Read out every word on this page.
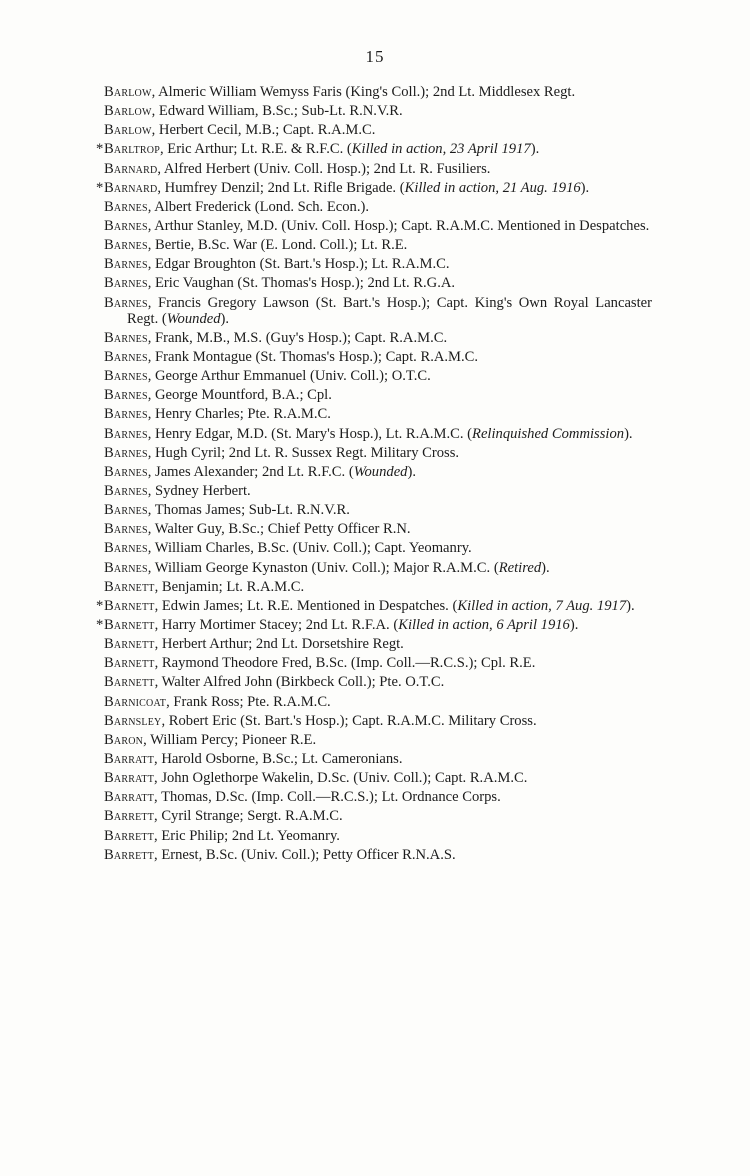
15
Barlow, Almeric William Wemyss Faris (King's Coll.); 2nd Lt. Middlesex Regt.
Barlow, Edward William, B.Sc.; Sub-Lt. R.N.V.R.
Barlow, Herbert Cecil, M.B.; Capt. R.A.M.C.
*Barltrop, Eric Arthur; Lt. R.E. & R.F.C. (Killed in action, 23 April 1917).
Barnard, Alfred Herbert (Univ. Coll. Hosp.); 2nd Lt. R. Fusiliers.
*Barnard, Humfrey Denzil; 2nd Lt. Rifle Brigade. (Killed in action, 21 Aug. 1916).
Barnes, Albert Frederick (Lond. Sch. Econ.).
Barnes, Arthur Stanley, M.D. (Univ. Coll. Hosp.); Capt. R.A.M.C. Mentioned in Despatches.
Barnes, Bertie, B.Sc. War (E. Lond. Coll.); Lt. R.E.
Barnes, Edgar Broughton (St. Bart.'s Hosp.); Lt. R.A.M.C.
Barnes, Eric Vaughan (St. Thomas's Hosp.); 2nd Lt. R.G.A.
Barnes, Francis Gregory Lawson (St. Bart.'s Hosp.); Capt. King's Own Royal Lancaster Regt. (Wounded).
Barnes, Frank, M.B., M.S. (Guy's Hosp.); Capt. R.A.M.C.
Barnes, Frank Montague (St. Thomas's Hosp.); Capt. R.A.M.C.
Barnes, George Arthur Emmanuel (Univ. Coll.); O.T.C.
Barnes, George Mountford, B.A.; Cpl.
Barnes, Henry Charles; Pte. R.A.M.C.
Barnes, Henry Edgar, M.D. (St. Mary's Hosp.), Lt. R.A.M.C. (Relinquished Commission).
Barnes, Hugh Cyril; 2nd Lt. R. Sussex Regt. Military Cross.
Barnes, James Alexander; 2nd Lt. R.F.C. (Wounded).
Barnes, Sydney Herbert.
Barnes, Thomas James; Sub-Lt. R.N.V.R.
Barnes, Walter Guy, B.Sc.; Chief Petty Officer R.N.
Barnes, William Charles, B.Sc. (Univ. Coll.); Capt. Yeomanry.
Barnes, William George Kynaston (Univ. Coll.); Major R.A.M.C. (Retired).
Barnett, Benjamin; Lt. R.A.M.C.
*Barnett, Edwin James; Lt. R.E. Mentioned in Despatches. (Killed in action, 7 Aug. 1917).
*Barnett, Harry Mortimer Stacey; 2nd Lt. R.F.A. (Killed in action, 6 April 1916).
Barnett, Herbert Arthur; 2nd Lt. Dorsetshire Regt.
Barnett, Raymond Theodore Fred, B.Sc. (Imp. Coll.—R.C.S.); Cpl. R.E.
Barnett, Walter Alfred John (Birkbeck Coll.); Pte. O.T.C.
Barnicoat, Frank Ross; Pte. R.A.M.C.
Barnsley, Robert Eric (St. Bart.'s Hosp.); Capt. R.A.M.C. Military Cross.
Baron, William Percy; Pioneer R.E.
Barratt, Harold Osborne, B.Sc.; Lt. Cameronians.
Barratt, John Oglethorpe Wakelin, D.Sc. (Univ. Coll.); Capt. R.A.M.C.
Barratt, Thomas, D.Sc. (Imp. Coll.—R.C.S.); Lt. Ordnance Corps.
Barrett, Cyril Strange; Sergt. R.A.M.C.
Barrett, Eric Philip; 2nd Lt. Yeomanry.
Barrett, Ernest, B.Sc. (Univ. Coll.); Petty Officer R.N.A.S.
